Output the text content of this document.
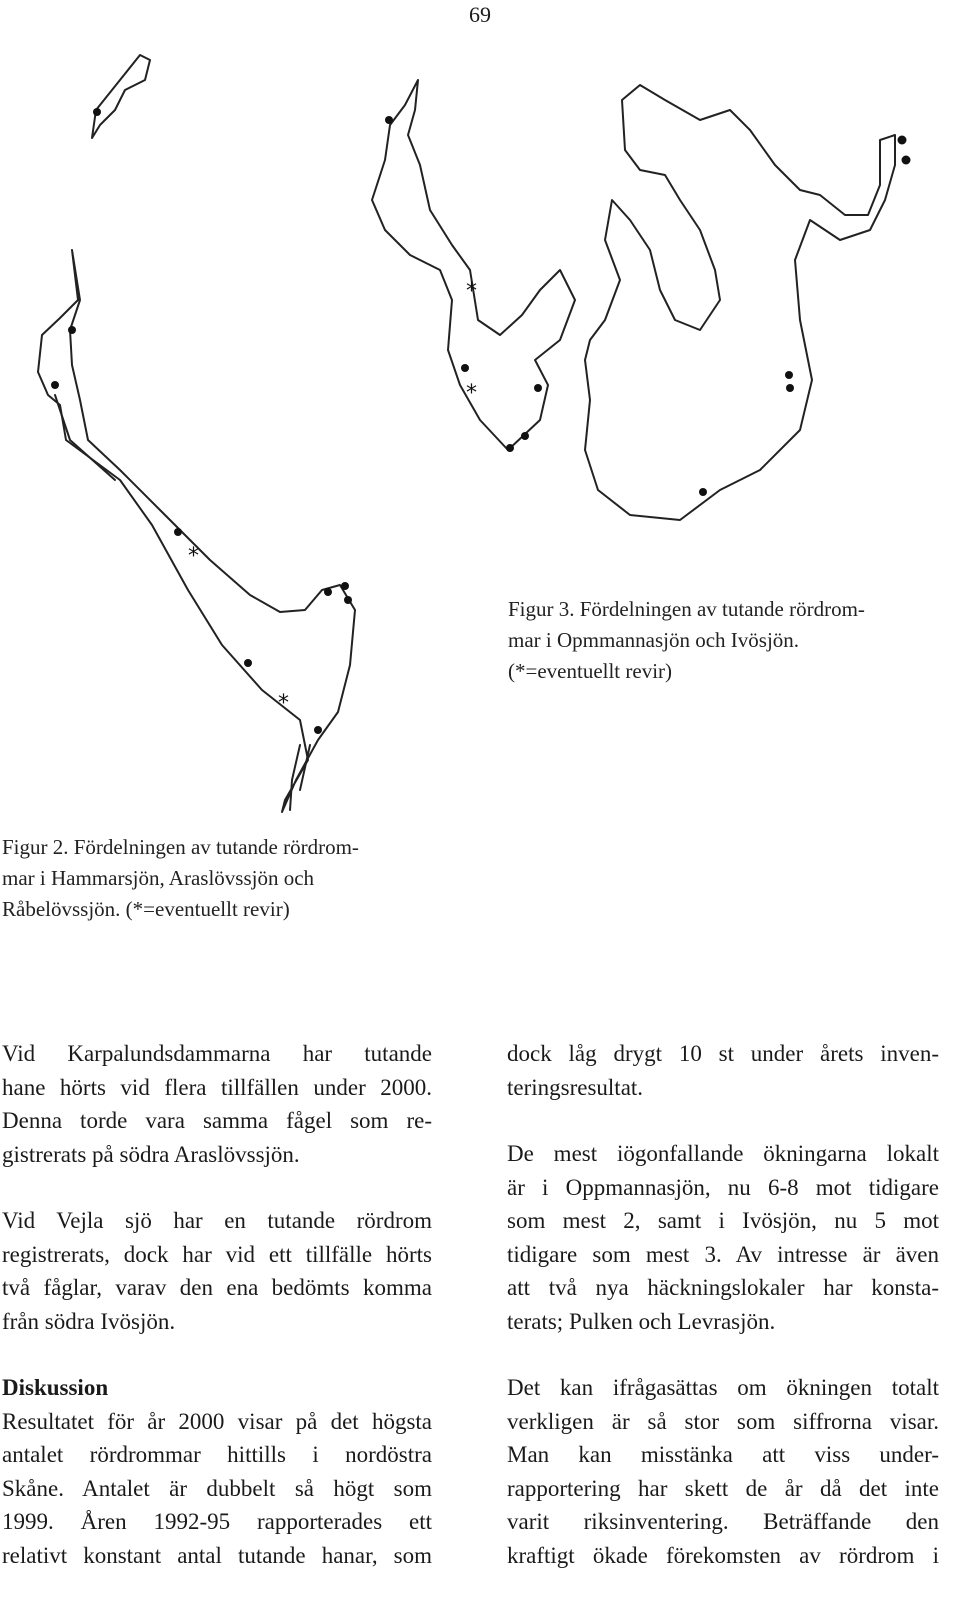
69
*
*
*
*
Figur 3. Fördelningen av tutande rördrom-
mar i Opmmannasjön och Ivösjön.
(*=eventuellt revir)
Figur 2. Fördelningen av tutande rördrom-
mar i Hammarsjön, Araslövssjön och
Råbelövssjön. (*=eventuellt revir)

Vid Karpalundsdammarna har tutande
hane hörts vid flera tillfällen under 2000.
Denna torde vara samma fågel som re-
gistrerats på södra Araslövssjön.

Vid Vejla sjö har en tutande rördrom
registrerats, dock har vid ett tillfälle hörts
två fåglar, varav den ena bedömts komma
från södra Ivösjön.

Diskussion

Resultatet för år 2000 visar på det högsta
antalet rördrommar hittills i nordöstra
Skåne. Antalet är dubbelt så högt som
1999. Åren 1992-95 rapporterades ett
relativt konstant antal tutande hanar, som

dock låg drygt 10 st under årets inven-
teringsresultat.

De mest iögonfallande ökningarna lokalt
är i Oppmannasjön, nu 6-8 mot tidigare
som mest 2, samt i Ivösjön, nu 5 mot
tidigare som mest 3. Av intresse är även
att två nya häckningslokaler har konsta-
terats; Pulken och Levrasjön.

Det kan ifrågasättas om ökningen totalt
verkligen är så stor som siffrorna visar.
Man kan misstänka att viss under-
rapportering har skett de år då det inte
varit riksinventering. Beträffande den
kraftigt ökade förekomsten av rördrom i
